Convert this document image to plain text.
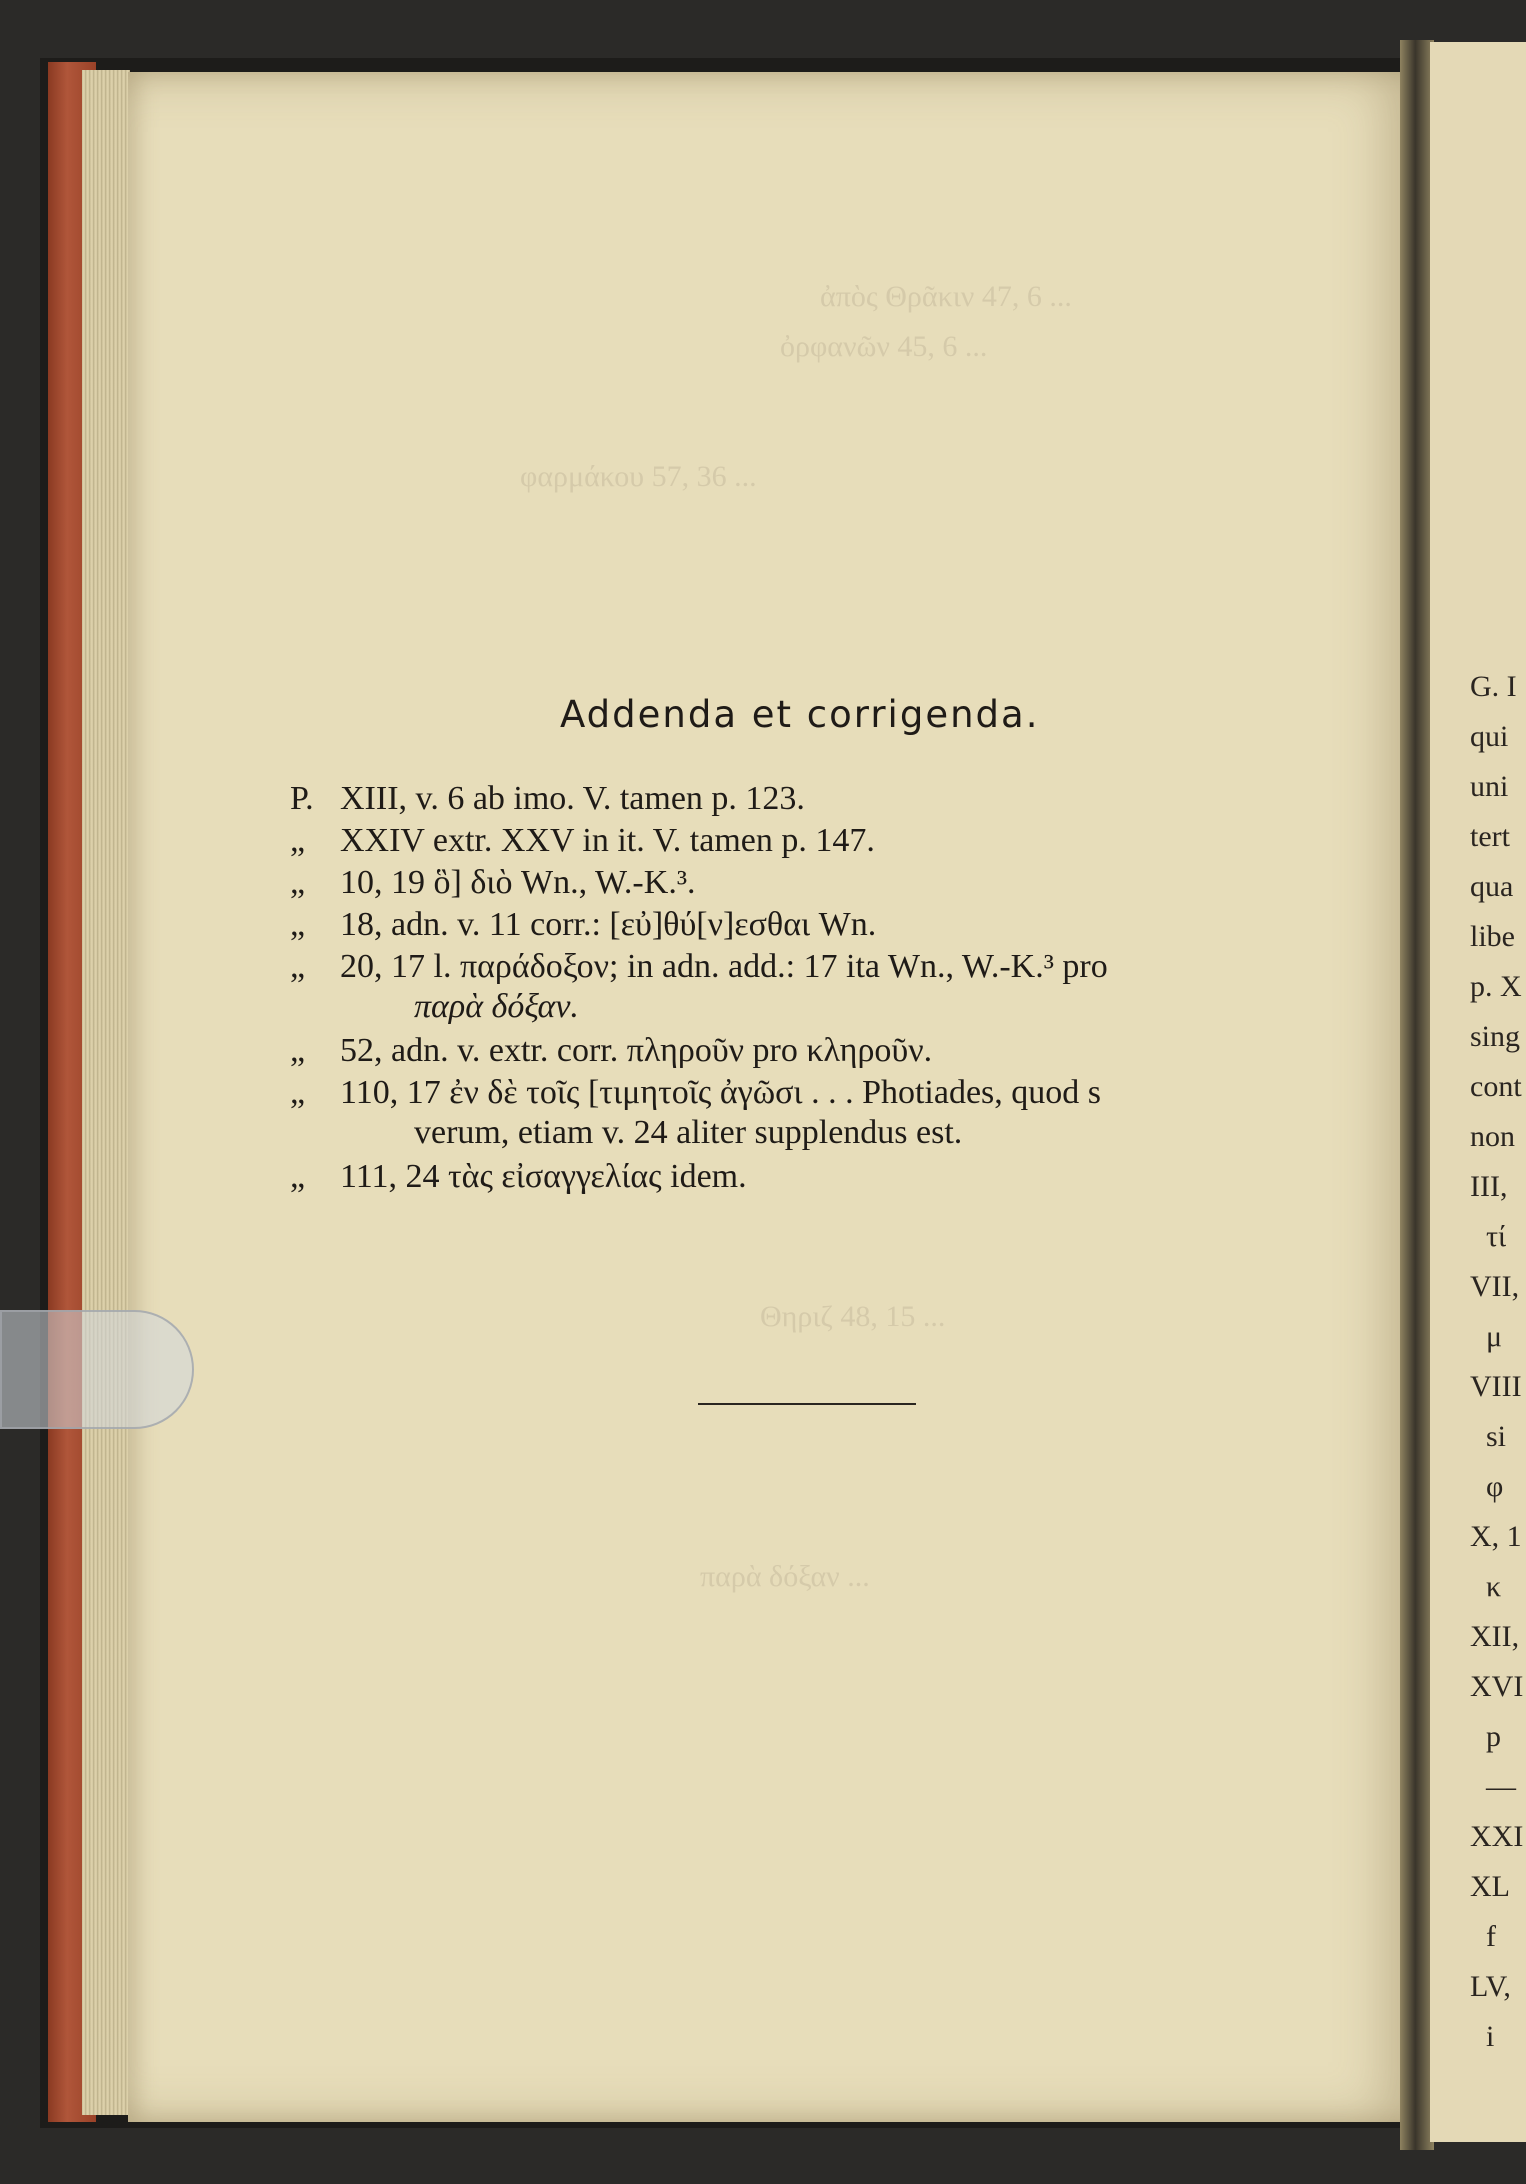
G. I
qui
uni
tert
qua
libe
p. X
sing
cont
non
III,
τί
VII,
μ
VIII
si
φ
X, 1
κ
XII,
XVI
p
—
XXI
XL
f
LV,
i
ἀπὸς Θρᾶκιν 47, 6 ...
ὀρφανῶν 45, 6 ...
φαρμάκου 57, 36 ...
Θηριζ 48, 15 ...
παρὰ δόξαν ...
Addenda et corrigenda.
P. XIII, v. 6 ab imo. V. tamen p. 123.
„ XXIV extr. XXV in it. V. tamen p. 147.
„ 10, 19 ὃ] διὸ Wn., W.-K.³.
„ 18, adn. v. 11 corr.: [εὐ]θύ[ν]εσθαι Wn.
„ 20, 17 l. παράδοξον; in adn. add.: 17 ita Wn., W.-K.³ pro
παρὰ δόξαν.
„ 52, adn. v. extr. corr. πληροῦν pro κληροῦν.
„ 110, 17 ἐν δὲ τοῖς [τιμητοῖς ἀγῶσι . . . Photiades, quod s
verum, etiam v. 24 aliter supplendus est.
„ 111, 24 τὰς εἰσαγγελίας idem.
